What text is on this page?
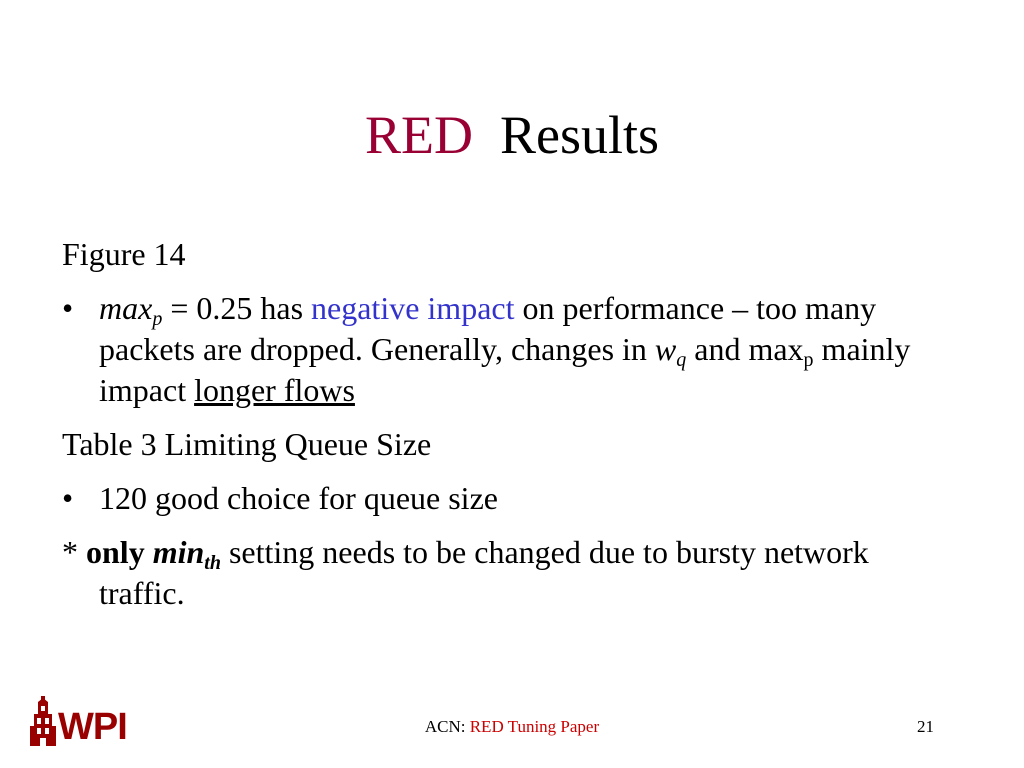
RED Results

Figure 14

• $\max_p = 0.25$ has negative impact on performance – too many packets are dropped. Generally, changes in $w_q$ and $\max_p$ mainly impact longer flows

Table 3 Limiting Queue Size

• 120 good choice for queue size

* only $\min_{th}$ setting needs to be changed due to bursty network traffic.

WPI	ACN: RED Tuning Paper	21
